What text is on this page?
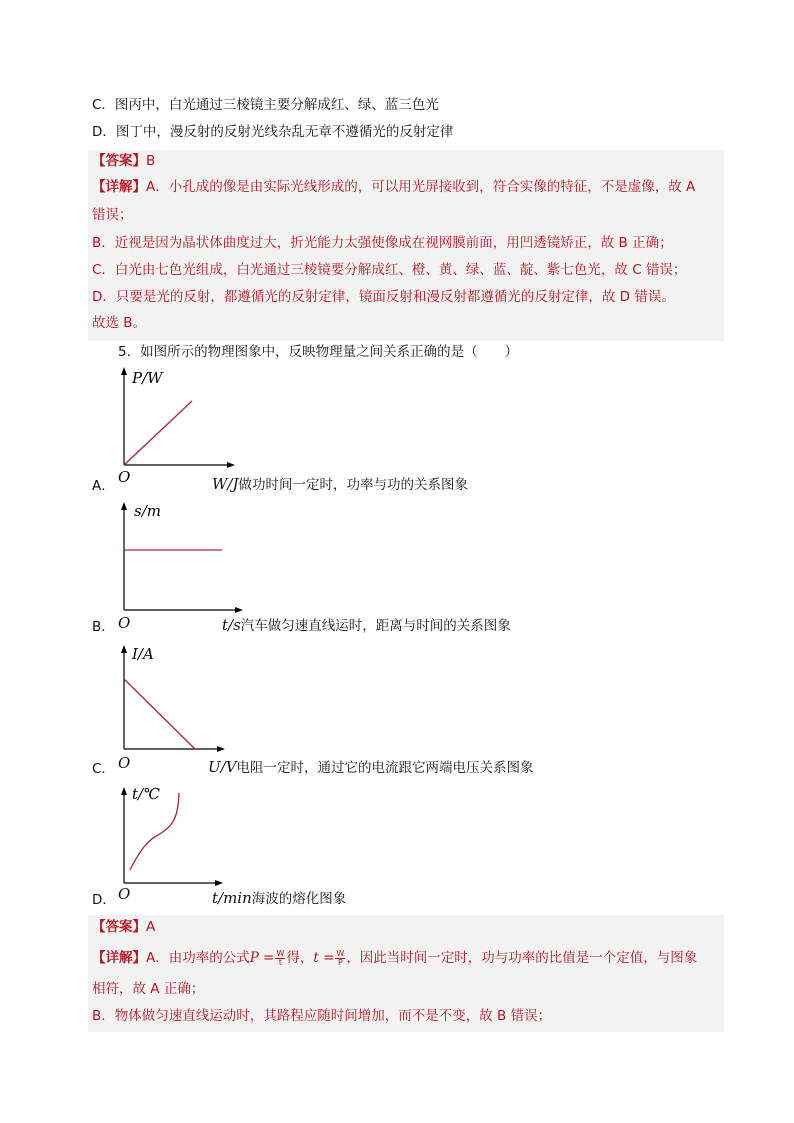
C．图丙中，白光通过三棱镜主要分解成红、绿、蓝三色光
D．图丁中，漫反射的反射光线杂乱无章不遵循光的反射定律
【答案】B
【详解】A．小孔成的像是由实际光线形成的，可以用光屏接收到，符合实像的特征，不是虚像，故 A
错误；
B．近视是因为晶状体曲度过大，折光能力太强使像成在视网膜前面，用凹透镜矫正，故 B 正确；
C．白光由七色光组成，白光通过三棱镜要分解成红、橙、黄、绿、蓝、靛、紫七色光，故 C 错误；
D．只要是光的反射，都遵循光的反射定律，镜面反射和漫反射都遵循光的反射定律，故 D 错误。
故选 B。
5．如图所示的物理图象中，反映物理量之间关系正确的是（　　）
P/W
O
A．	W/J做功时间一定时，功率与功的关系图象
s/m
B． O	t/s汽车做匀速直线运时，距离与时间的关系图象
I/A
C． O	U/V电阻一定时，通过它的电流跟它两端电压关系图象
t/℃
D． O	t/min海波的熔化图象
【答案】A
【详解】A．由功率的公式$P = \frac{W}{t}$ 得，$t = \frac{W}{P}$ ，因此当时间一定时，功与功率的比值是一个定值，与图象
相符，故 A 正确；
B．物体做匀速直线运动时，其路程应随时间增加，而不是不变，故 B 错误；
